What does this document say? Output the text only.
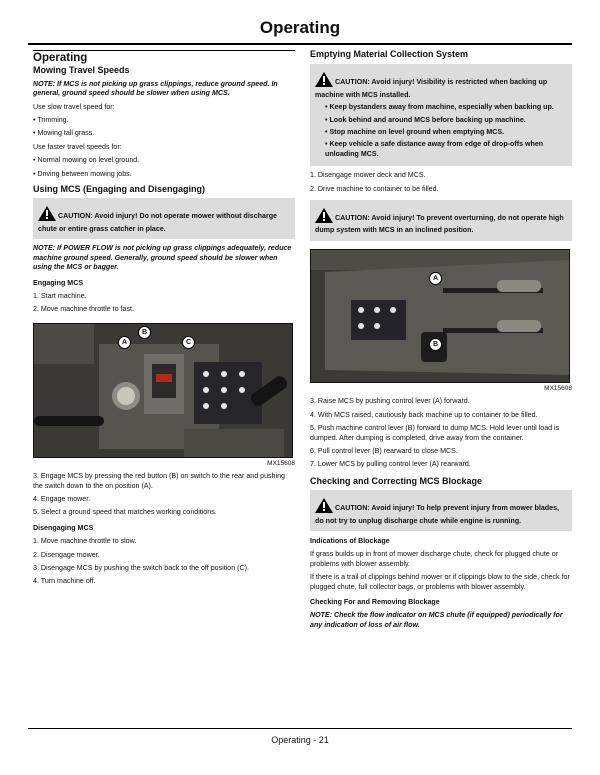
Operating
Operating
Mowing Travel Speeds

NOTE: If MCS is not picking up grass clippings, reduce ground speed. In general, ground speed should be slower when using MCS.

Use slow travel speed for:

• Trimming.

• Mowing tall grass.

Use faster travel speeds for:

• Normal mowing on level ground.

• Driving between mowing jobs.

Using MCS (Engaging and Disengaging)
CAUTION: Avoid injury! Do not operate mower without discharge chute or entire grass catcher in place.

NOTE: If POWER FLOW is not picking up grass clippings adequately, reduce machine ground speed. Generally, ground speed should be slower when using the MCS or bagger.

Engaging MCS

1. Start machine.

2. Move machine throttle to fast.

A
B
C
MX15608

3. Engage MCS by pressing the red button (B) on switch to the rear and pushing the switch down to the on position (A).

4. Engage mower.

5. Select a ground speed that matches working conditions.

Disengaging MCS

1. Move machine throttle to slow.

2. Disengage mower.

3. Disengage MCS by pushing the switch back to the off position (C).

4. Turn machine off.

Emptying Material Collection System

CAUTION: Avoid injury! Visibility is restricted when backing up machine with MCS installed.

• Keep bystanders away from machine, especially when backing up.
• Look behind and around MCS before backing up machine.
• Stop machine on level ground when emptying MCS.
• Keep vehicle a safe distance away from edge of drop-offs when unloading MCS.

1. Disengage mower deck and MCS.

2. Drive machine to container to be filled.

CAUTION: Avoid injury! To prevent overturning, do not operate high dump system with MCS in an inclined position.
A
B
MX15608

3. Raise MCS by pushing control lever (A) forward.

4. With MCS raised, cautiously back machine up to container to be filled.

5. Push machine control lever (B) forward to dump MCS. Hold lever until load is dumped. After dumping is completed, drive away from the container.

6. Pull control lever (B) rearward to close MCS.

7. Lower MCS by pulling control lever (A) rearward.

Checking and Correcting MCS Blockage
CAUTION: Avoid injury! To help prevent injury from mower blades, do not try to unplug discharge chute while engine is running.
Indications of Blockage

If grass builds up in front of mower discharge chute, check for plugged chute or problems with blower assembly.

If there is a trail of clippings behind mower or if clippings blow to the side, check for plugged chute, full collector bags, or problems with blower assembly.

Checking For and Removing Blockage

NOTE: Check the flow indicator on MCS chute (if equipped) periodically for any indication of loss of air flow.

Operating - 21
